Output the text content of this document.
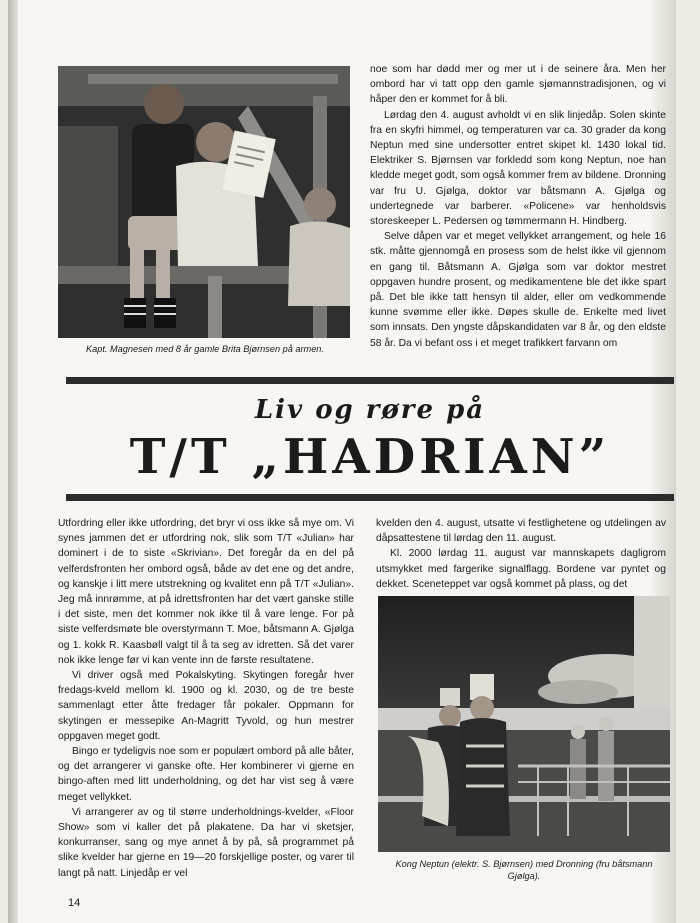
Kapt. Magnesen med 8 år gamle Brita Bjørnsen på armen.

noe som har dødd mer og mer ut i de seinere åra. Men her ombord har vi tatt opp den gamle sjømannstradisjonen, og vi håper den er kommet for å bli.

Lørdag den 4. august avholdt vi en slik linjedåp. Solen skinte fra en skyfri himmel, og temperaturen var ca. 30 grader da kong Neptun med sine undersotter entret skipet kl. 1430 lokal tid. Elektriker S. Bjørnsen var forkledd som kong Neptun, noe han kledde meget godt, som også kommer frem av bildene. Dronning var fru U. Gjølga, doktor var båtsmann A. Gjølga og undertegnede var barberer. «Policene» var henholdsvis storeskeeper L. Pedersen og tømmermann H. Hindberg.

Selve dåpen var et meget vellykket arrangement, og hele 16 stk. måtte gjennomgå en prosess som de helst ikke vil gjennom en gang til. Båtsmann A. Gjølga som var doktor mestret oppgaven hundre prosent, og medikamentene ble det ikke spart på. Det ble ikke tatt hensyn til alder, eller om vedkommende kunne svømme eller ikke. Døpes skulle de. Enkelte med livet som innsats. Den yngste dåpskandidaten var 8 år, og den eldste 58 år. Da vi befant oss i et meget trafikkert farvann om

Liv og røre på

T/T „HADRIAN”

Utfordring eller ikke utfordring, det bryr vi oss ikke så mye om. Vi synes jammen det er utfordring nok, slik som T/T «Julian» har dominert i de to siste «Skrivian». Det foregår da en del på velferdsfronten her ombord også, både av det ene og det andre, og kanskje i litt mere utstrekning og kvalitet enn på T/T «Julian». Jeg må innrømme, at på idrettsfronten har det vært ganske stille i det siste, men det kommer nok ikke til å vare lenge. For på siste velferdsmøte ble overstyrmann T. Moe, båtsmann A. Gjølga og 1. kokk R. Kaasbøll valgt til å ta seg av idretten. Så det varer nok ikke lenge før vi kan vente inn de første resultatene.

Vi driver også med Pokalskyting. Skytingen foregår hver fredags-kveld mellom kl. 1900 og kl. 2030, og de tre beste sammenlagt etter åtte fredager får pokaler. Oppmann for skytingen er messepike An-Magritt Tyvold, og hun mestrer oppgaven meget godt.

Bingo er tydeligvis noe som er populært ombord på alle båter, og det arrangerer vi ganske ofte. Her kombinerer vi gjerne en bingo-aften med litt underholdning, og det har vist seg å være meget vellykket.

Vi arrangerer av og til større underholdnings-kvelder, «Floor Show» som vi kaller det på plakatene. Da har vi sketsjer, konkurranser, sang og mye annet å by på, så programmet på slike kvelder har gjerne en 19—20 forskjellige poster, og varer til langt på natt. Linjedåp er vel

kvelden den 4. august, utsatte vi festlighetene og utdelingen av dåpsattestene til lørdag den 11. august.

Kl. 2000 lørdag 11. august var mannskapets dagligrom utsmykket med fargerike signalflagg. Bordene var pyntet og dekket. Sceneteppet var også kommet på plass, og det

Kong Neptun (elektr. S. Bjørnsen) med Dronning (fru båtsmann Gjølga).

14
